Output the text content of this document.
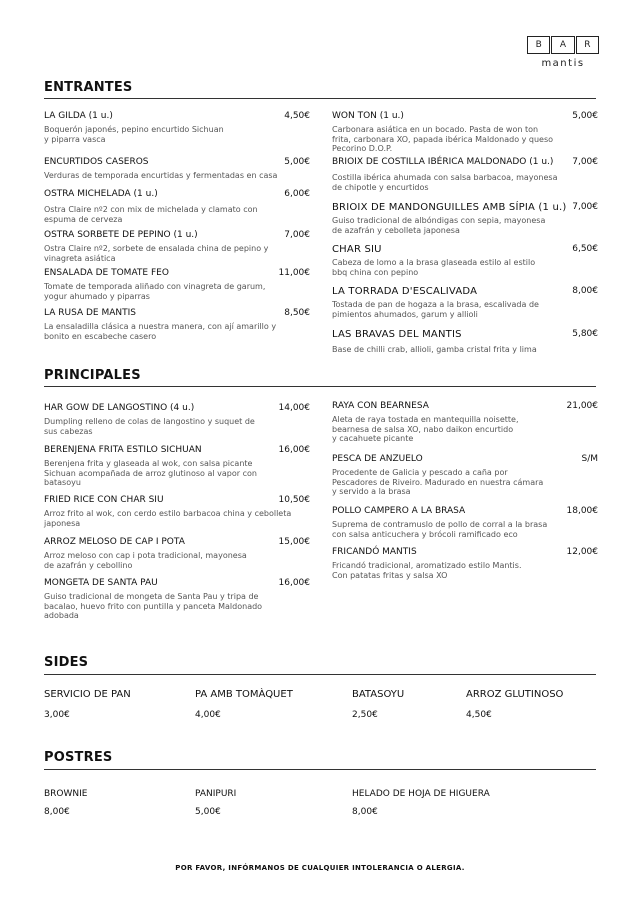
B	A	R
mantis
ENTRANTES
LA GILDA (1 u.)	4,50€
Boquerón japonés, pepino encurtido Sichuan
y piparra vasca
ENCURTIDOS CASEROS	5,00€
Verduras de temporada encurtidas y fermentadas en casa
OSTRA MICHELADA (1 u.)	6,00€
Ostra Claire nº2 con mix de michelada y clamato con
espuma de cerveza
OSTRA SORBETE DE PEPINO (1 u.)	7,00€
Ostra Claire nº2, sorbete de ensalada china de pepino y
vinagreta asiática
ENSALADA DE TOMATE FEO	11,00€
Tomate de temporada aliñado con vinagreta de garum,
yogur ahumado y piparras
LA RUSA DE MANTIS	8,50€
La ensaladilla clásica a nuestra manera, con ají amarillo y
bonito en escabeche casero
WON TON (1 u.)	5,00€
Carbonara asiática en un bocado. Pasta de won ton
frita, carbonara XO, papada ibérica Maldonado y queso
Pecorino D.O.P.
BRIOIX DE COSTILLA IBÉRICA MALDONADO (1 u.) 7,00€
Costilla ibérica ahumada con salsa barbacoa, mayonesa
de chipotle y encurtidos
BRIOIX DE MANDONGUILLES AMB SÍPIA (1 u.) 7,00€
Guiso tradicional de albóndigas con sepia, mayonesa
de azafrán y cebolleta japonesa
CHAR SIU	6,50€
Cabeza de lomo a la brasa glaseada estilo al estilo
bbq china con pepino
LA TORRADA D'ESCALIVADA	8,00€
Tostada de pan de hogaza a la brasa, escalivada de
pimientos ahumados, garum y allioli
LAS BRAVAS DEL MANTIS	5,80€
Base de chilli crab, allioli, gamba cristal frita y lima
PRINCIPALES
HAR GOW DE LANGOSTINO (4 u.)	14,00€
Dumpling relleno de colas de langostino y suquet de
sus cabezas
BERENJENA FRITA ESTILO SICHUAN	16,00€
Berenjena frita y glaseada al wok, con salsa picante
Sichuan acompañada de arroz glutinoso al vapor con
batasoyu
FRIED RICE CON CHAR SIU	10,50€
Arroz frito al wok, con cerdo estilo barbacoa china y cebolleta
japonesa
ARROZ MELOSO DE CAP I POTA	15,00€
Arroz meloso con cap i pota tradicional, mayonesa
de azafrán y cebollino
MONGETA DE SANTA PAU	16,00€
Guiso tradicional de mongeta de Santa Pau y tripa de
bacalao, huevo frito con puntilla y panceta Maldonado
adobada
RAYA CON BEARNESA	21,00€
Aleta de raya tostada en mantequilla noisette,
bearnesa de salsa XO, nabo daikon encurtido
y cacahuete picante
PESCA DE ANZUELO	S/M
Procedente de Galicia y pescado a caña por
Pescadores de Riveiro. Madurado en nuestra cámara
y servido a la brasa
POLLO CAMPERO A LA BRASA	18,00€
Suprema de contramuslo de pollo de corral a la brasa
con salsa anticuchera y brócoli ramificado eco
FRICANDÓ MANTIS	12,00€
Fricandó tradicional, aromatizado estilo Mantis.
Con patatas fritas y salsa XO
SIDES
SERVICIO DE PAN
3,00€
PA AMB TOMÀQUET
4,00€
BATASOYU
2,50€
ARROZ GLUTINOSO
4,50€
POSTRES
BROWNIE
8,00€
PANIPURI
5,00€
HELADO DE HOJA DE HIGUERA
8,00€
POR FAVOR, INFÓRMANOS DE CUALQUIER INTOLERANCIA O ALERGIA.
